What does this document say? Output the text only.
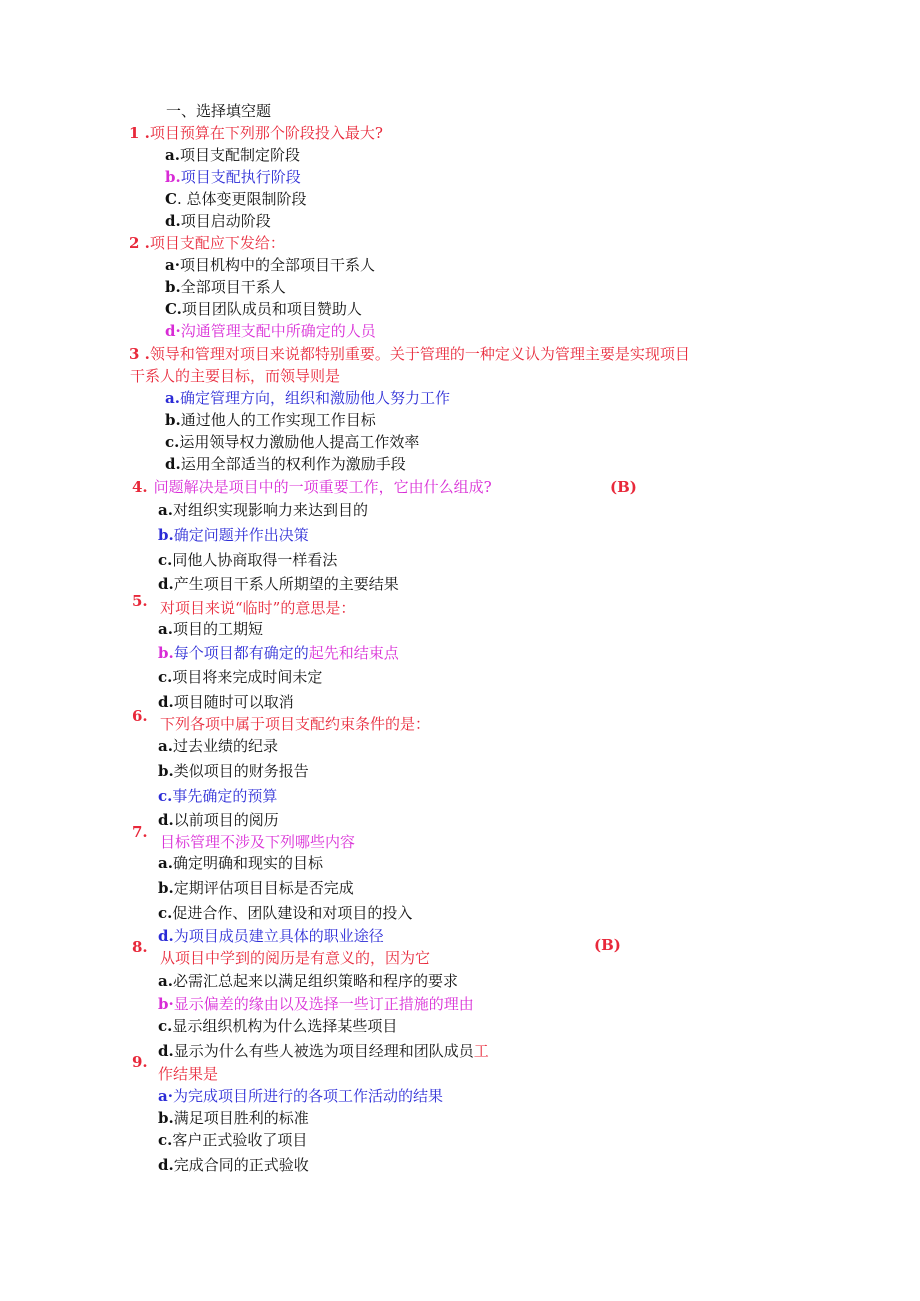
一、选择填空题
1 .项目预算在下列那个阶段投入最大?
a.项目支配制定阶段
b.项目支配执行阶段
C. 总体变更限制阶段
d.项目启动阶段
2 .项目支配应下发给：
a·项目机构中的全部项目干系人
b.全部项目干系人
C.项目团队成员和项目赞助人
d·沟通管理支配中所确定的人员
3 .领导和管理对项目来说都特别重要。关于管理的一种定义认为管理主要是实现项目
干系人的主要目标，而领导则是
a.确定管理方向，组织和激励他人努力工作
b.通过他人的工作实现工作目标
c.运用领导权力激励他人提高工作效率
d.运用全部适当的权利作为激励手段
4. 问题解决是项目中的一项重要工作，它由什么组成?	(B)
a.对组织实现影响力来达到目的
b.确定问题并作出决策
c.同他人协商取得一样看法
d.产生项目干系人所期望的主要结果
5. 对项目来说“临时”的意思是：
a.项目的工期短
b.每个项目都有确定的起先和结束点
c.项目将来完成时间未定
d.项目随时可以取消
6. 下列各项中属于项目支配约束条件的是：
a.过去业绩的纪录
b.类似项目的财务报告
c.事先确定的预算
d.以前项目的阅历
7.
目标管理不涉及下列哪些内容
a.确定明确和现实的目标
b.定期评估项目目标是否完成
c.促进合作、团队建设和对项目的投入
d.为项目成员建立具体的职业途径
8.	(B)
从项目中学到的阅历是有意义的，因为它
a.必需汇总起来以满足组织策略和程序的要求
b·显示偏差的缘由以及选择一些订正措施的理由
c.显示组织机构为什么选择某些项目
d.显示为什么有些人被选为项目经理和团队成员工
9.
作结果是
a·为完成项目所进行的各项工作活动的结果
b.满足项目胜利的标准
c.客户正式验收了项目
d.完成合同的正式验收
